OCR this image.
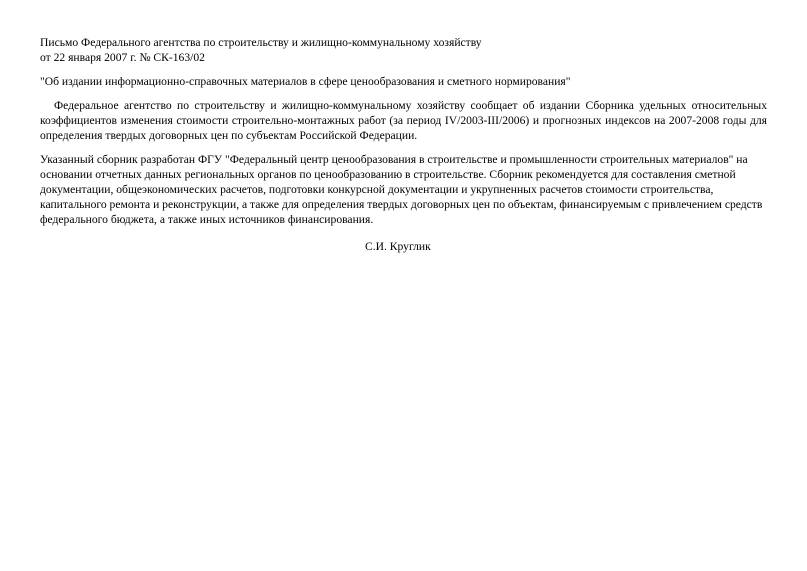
Письмо Федерального агентства по строительству и жилищно-коммунальному хозяйству
от 22 января 2007 г. № СК-163/02
"Об издании информационно-справочных материалов в сфере ценообразования и сметного нормирования"
Федеральное агентство по строительству и жилищно-коммунальному хозяйству сообщает об издании Сборника удельных относительных коэффициентов изменения стоимости строительно-монтажных работ (за период IV/2003-III/2006) и прогнозных индексов на 2007-2008 годы для определения твердых договорных цен по субъектам Российской Федерации.
Указанный сборник разработан ФГУ "Федеральный центр ценообразования в строительстве и промышленности строительных материалов" на основании отчетных данных региональных органов по ценообразованию в строительстве. Сборник рекомендуется для составления сметной документации, общеэкономических расчетов, подготовки конкурсной документации и укрупненных расчетов стоимости строительства, капитального ремонта и реконструкции, а также для определения твердых договорных цен по объектам, финансируемым с привлечением средств федерального бюджета, а также иных источников финансирования.
С.И. Круглик
